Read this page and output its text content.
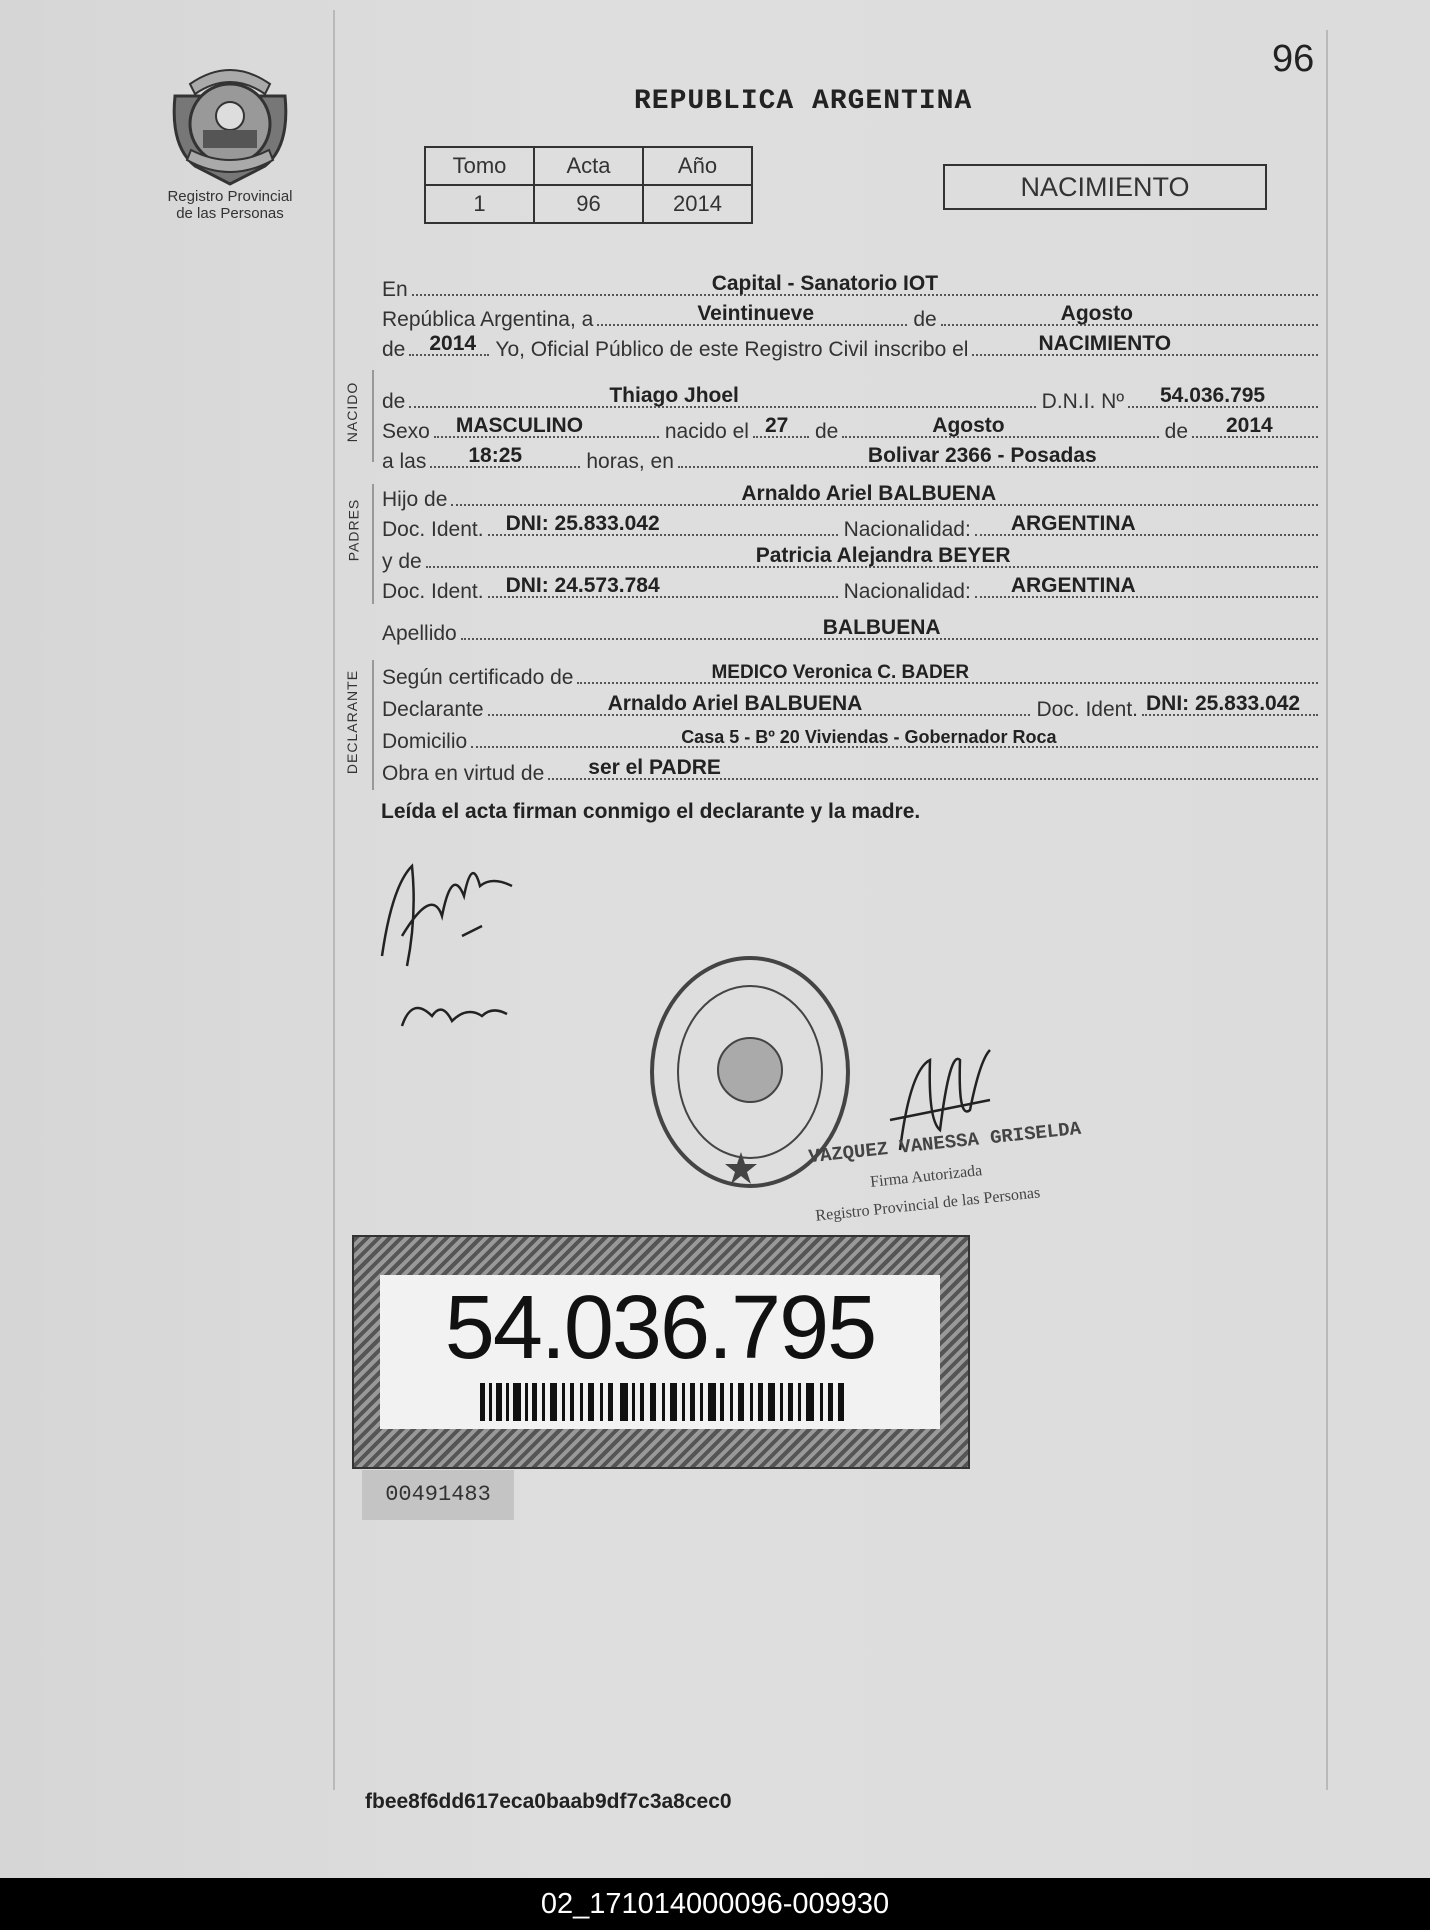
Registro Provincial
de las Personas
96
REPUBLICA ARGENTINA
Tomo	Acta	Año
1	96	2014
NACIMIENTO
NACIDO
PADRES
DECLARANTE
En	Capital - Sanatorio IOT
República Argentina, a	Veintinueve	de	Agosto
de 2014 Yo, Oficial Público de este Registro Civil inscribo el	NACIMIENTO
de	Thiago Jhoel	D.N.I. Nº 54.036.795
Sexo MASCULINO	nacido el 27 de	Agosto	de 2014
a las 18:25	horas, en	Bolivar 2366 - Posadas
Hijo de	Arnaldo Ariel BALBUENA
Doc. Ident. DNI: 25.833.042	Nacionalidad: ARGENTINA
y de	Patricia Alejandra BEYER
Doc. Ident. DNI: 24.573.784	Nacionalidad: ARGENTINA
Apellido	BALBUENA
Según certificado de	MEDICO Veronica C. BADER
Declarante	Arnaldo Ariel BALBUENA	Doc. Ident. DNI: 25.833.042
Domicilio	Casa 5 - Bº 20 Viviendas - Gobernador Roca
Obra en virtud de ser el PADRE
Leída el acta firman conmigo el declarante y la madre.
VAZQUEZ VANESSA GRISELDA
Firma Autorizada
Registro Provincial de las Personas
54.036.795
00491483
fbee8f6dd617eca0baab9df7c3a8cec0
02_171014000096-009930
